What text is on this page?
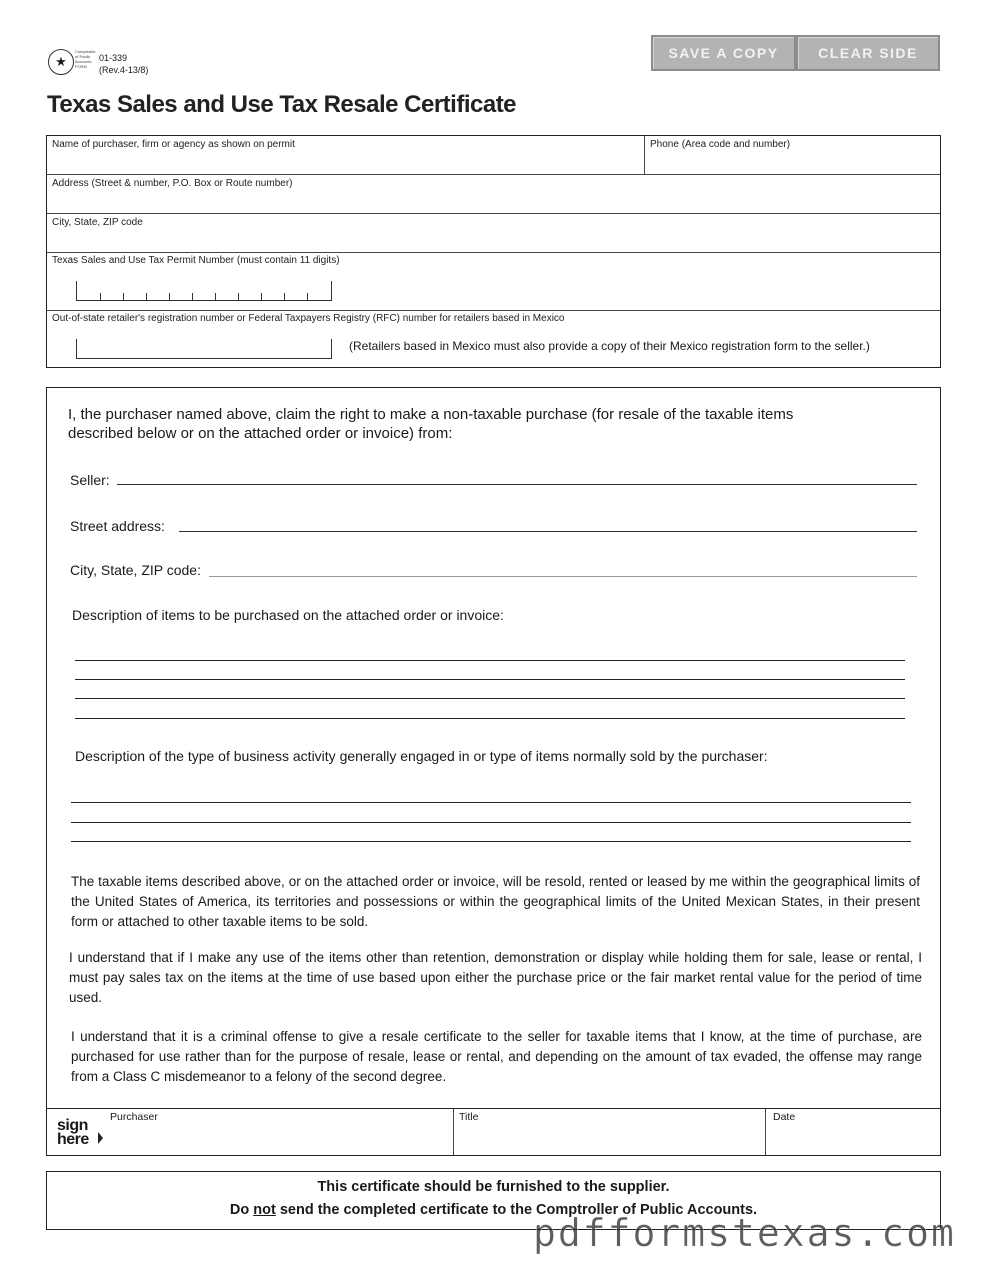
★
Comptroller
of Public
Accounts
FORM
01-339
(Rev.4-13/8)
SAVE A COPY	CLEAR SIDE
Texas Sales and Use Tax Resale Certificate
Name of purchaser, firm or agency as shown on permit	Phone (Area code and number)
Address (Street & number, P.O. Box or Route number)
City, State, ZIP code
Texas Sales and Use Tax Permit Number (must contain 11 digits)
Out-of-state retailer's registration number or Federal Taxpayers Registry (RFC) number for retailers based in Mexico
(Retailers based in Mexico must also provide a copy of their Mexico registration form to the seller.)
I, the purchaser named above, claim the right to make a non-taxable purchase (for resale of the taxable items described below or on the attached order or invoice) from:
Seller:
Street address:
City, State, ZIP code:
Description of items to be purchased on the attached order or invoice:
Description of the type of business activity generally engaged in or type of items normally sold by the purchaser:
The taxable items described above, or on the attached order or invoice, will be resold, rented or leased by me within the geographical limits of the United States of America, its territories and possessions or within the geographical limits of the United Mexican States, in their present form or attached to other taxable items to be sold.
I understand that if I make any use of the items other than retention, demonstration or display while holding them for sale, lease or rental, I must pay sales tax on the items at the time of use based upon either the purchase price or the fair market rental value for the period of time used.
I understand that it is a criminal offense to give a resale certificate to the seller for taxable items that I know, at the time of purchase, are purchased for use rather than for the purpose of resale, lease or rental, and depending on the amount of tax evaded, the offense may range from a Class C misdemeanor to a felony of the second degree.
sign
here
Purchaser	Title	Date
This certificate should be furnished to the supplier.
Do not send the completed certificate to the Comptroller of Public Accounts.
pdfformstexas.com
